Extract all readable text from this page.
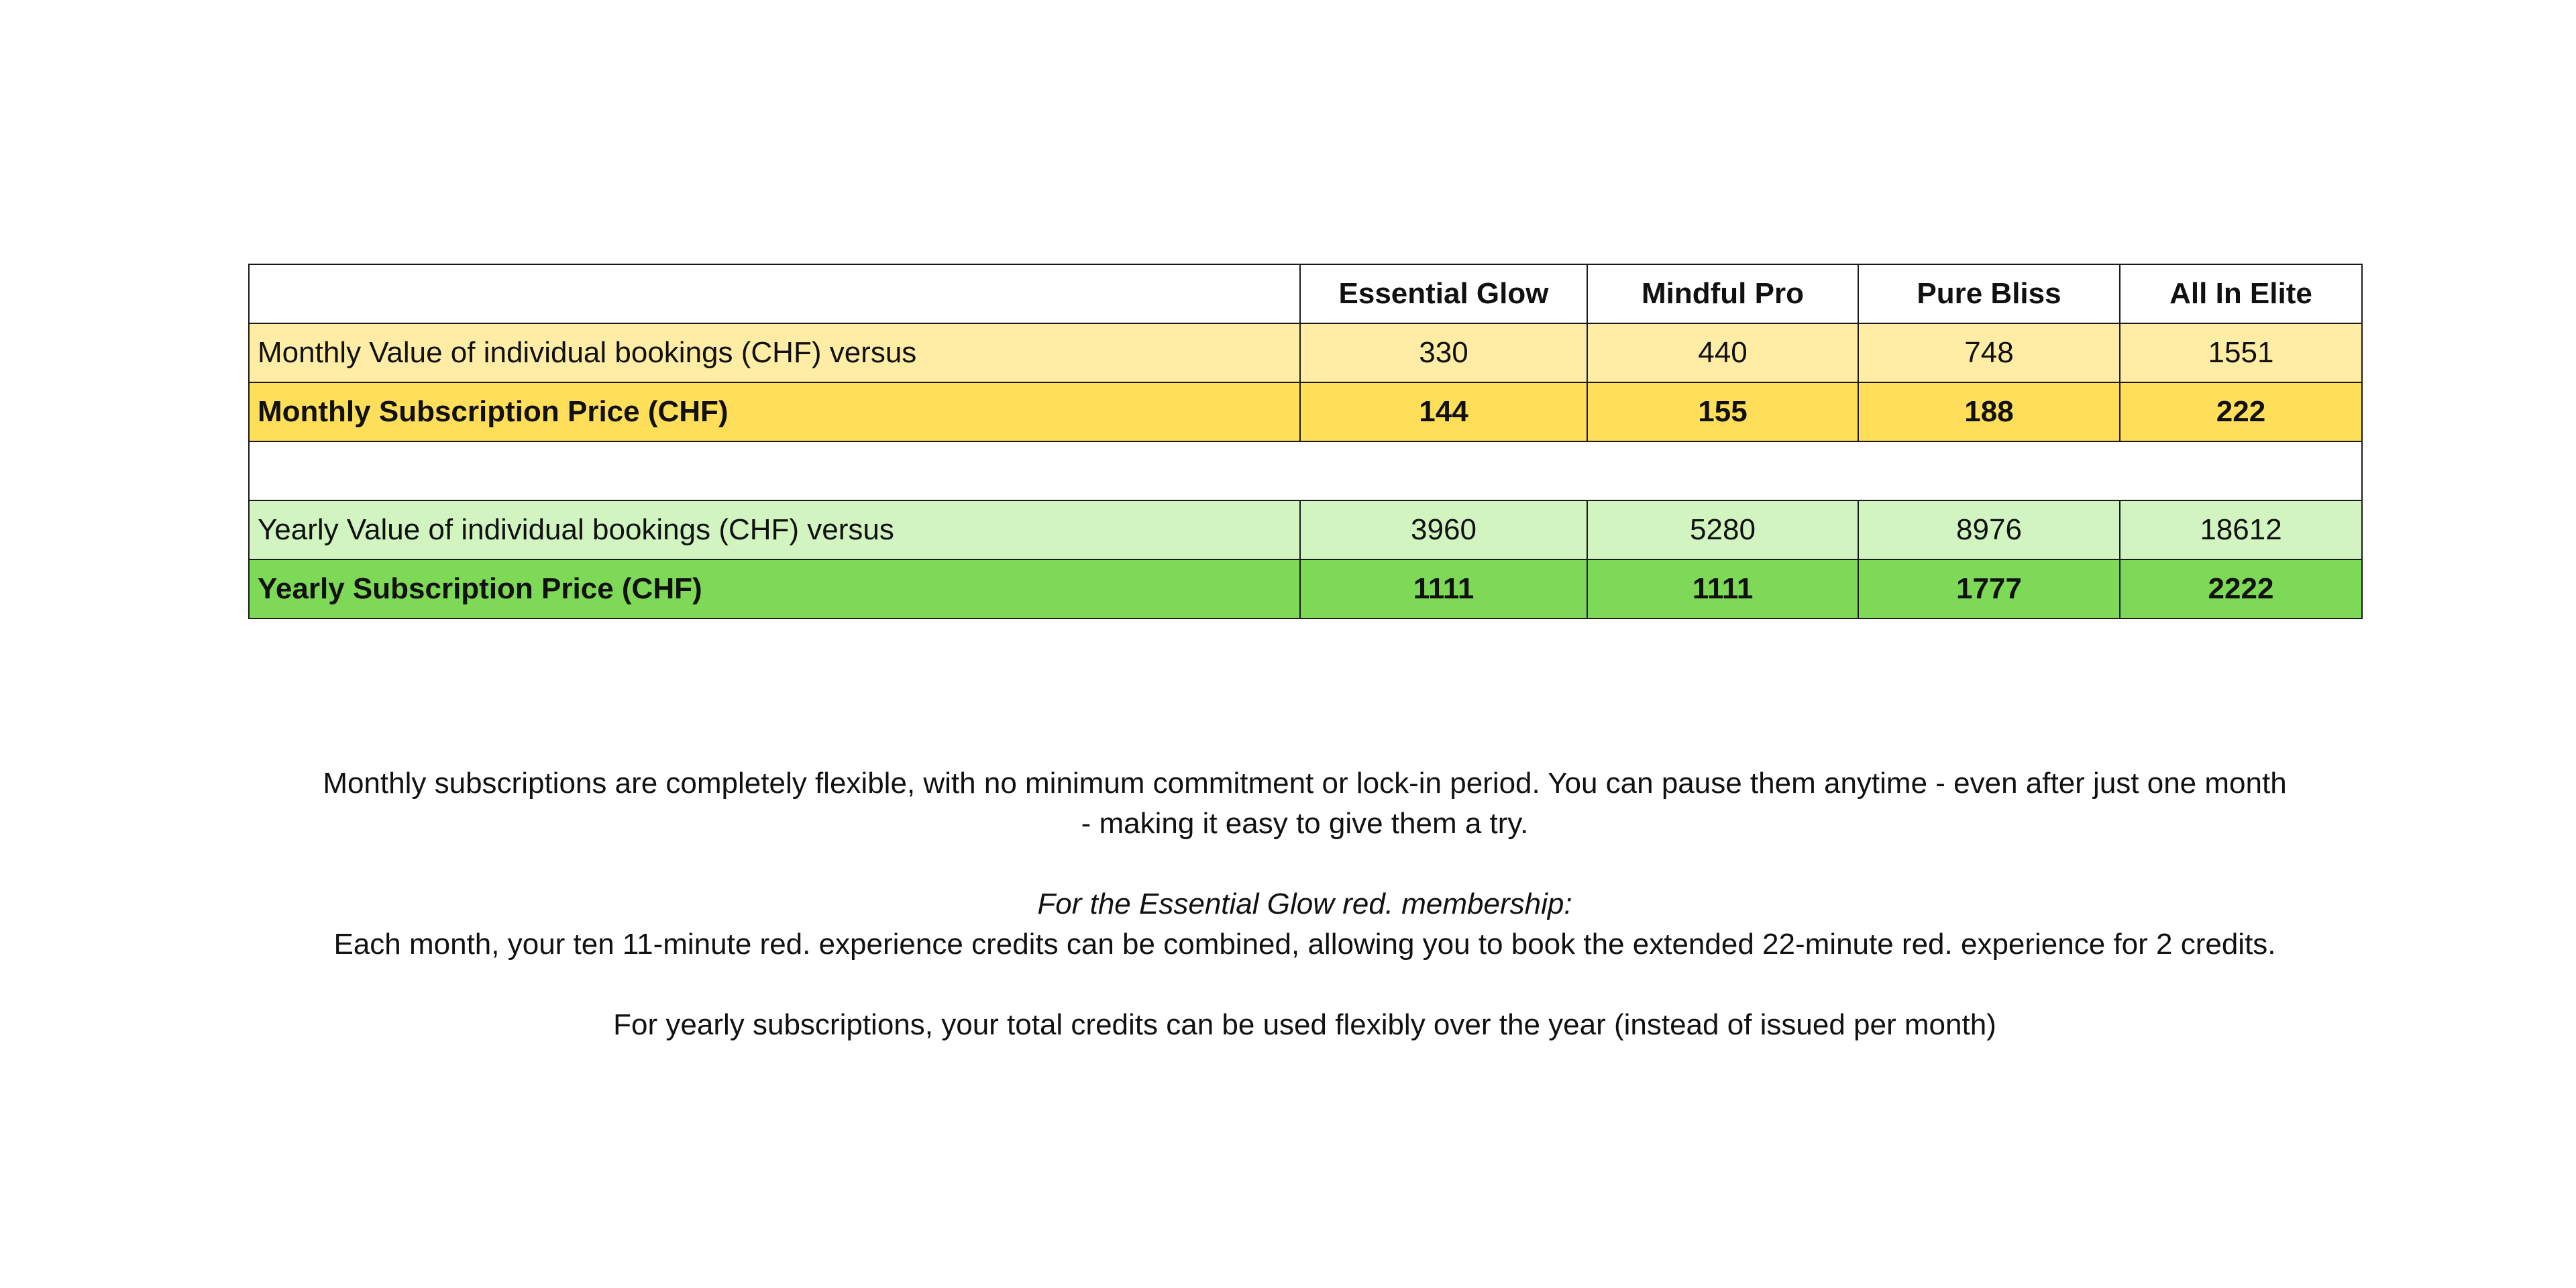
	Essential Glow	Mindful Pro	Pure Bliss	All In Elite
Monthly Value of individual bookings (CHF) versus	330	440	748	1551
Monthly Subscription Price (CHF)	144	155	188	222

Yearly Value of individual bookings (CHF) versus	3960	5280	8976	18612
Yearly Subscription Price (CHF)	1111	1111	1777	2222

Monthly subscriptions are completely flexible, with no minimum commitment or lock-in period. You can pause them anytime - even after just one month

- making it easy to give them a try.

For the Essential Glow red. membership:

Each month, your ten 11-minute red. experience credits can be combined, allowing you to book the extended 22-minute red. experience for 2 credits.

For yearly subscriptions, your total credits can be used flexibly over the year (instead of issued per month)
